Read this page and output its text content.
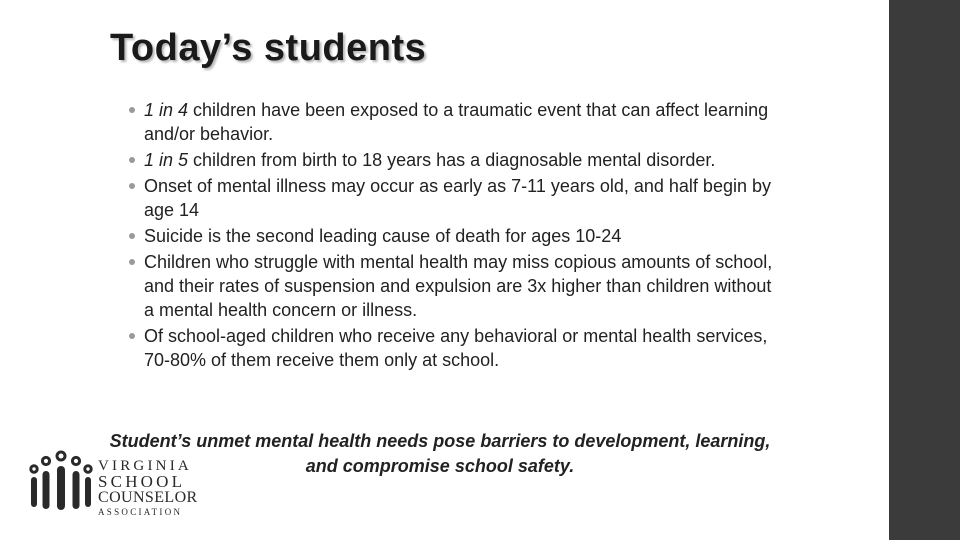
Today’s students
1 in 4 children have been exposed to a traumatic event that can affect learning and/or behavior.
1 in 5 children from birth to 18 years has a diagnosable mental disorder.
Onset of mental illness may occur as early as 7-11 years old, and half begin by age 14
Suicide is the second leading cause of death for ages 10-24
Children who struggle with mental health may miss copious amounts of school, and their rates of suspension and expulsion are 3x higher than children without a mental health concern or illness.
Of school-aged children who receive any behavioral or mental health services, 70-80% of them receive them only at school.
Student’s unmet mental health needs pose barriers to development, learning, and compromise school safety.
VIRGINIA
SCHOOL
COUNSELOR
ASSOCIATION
